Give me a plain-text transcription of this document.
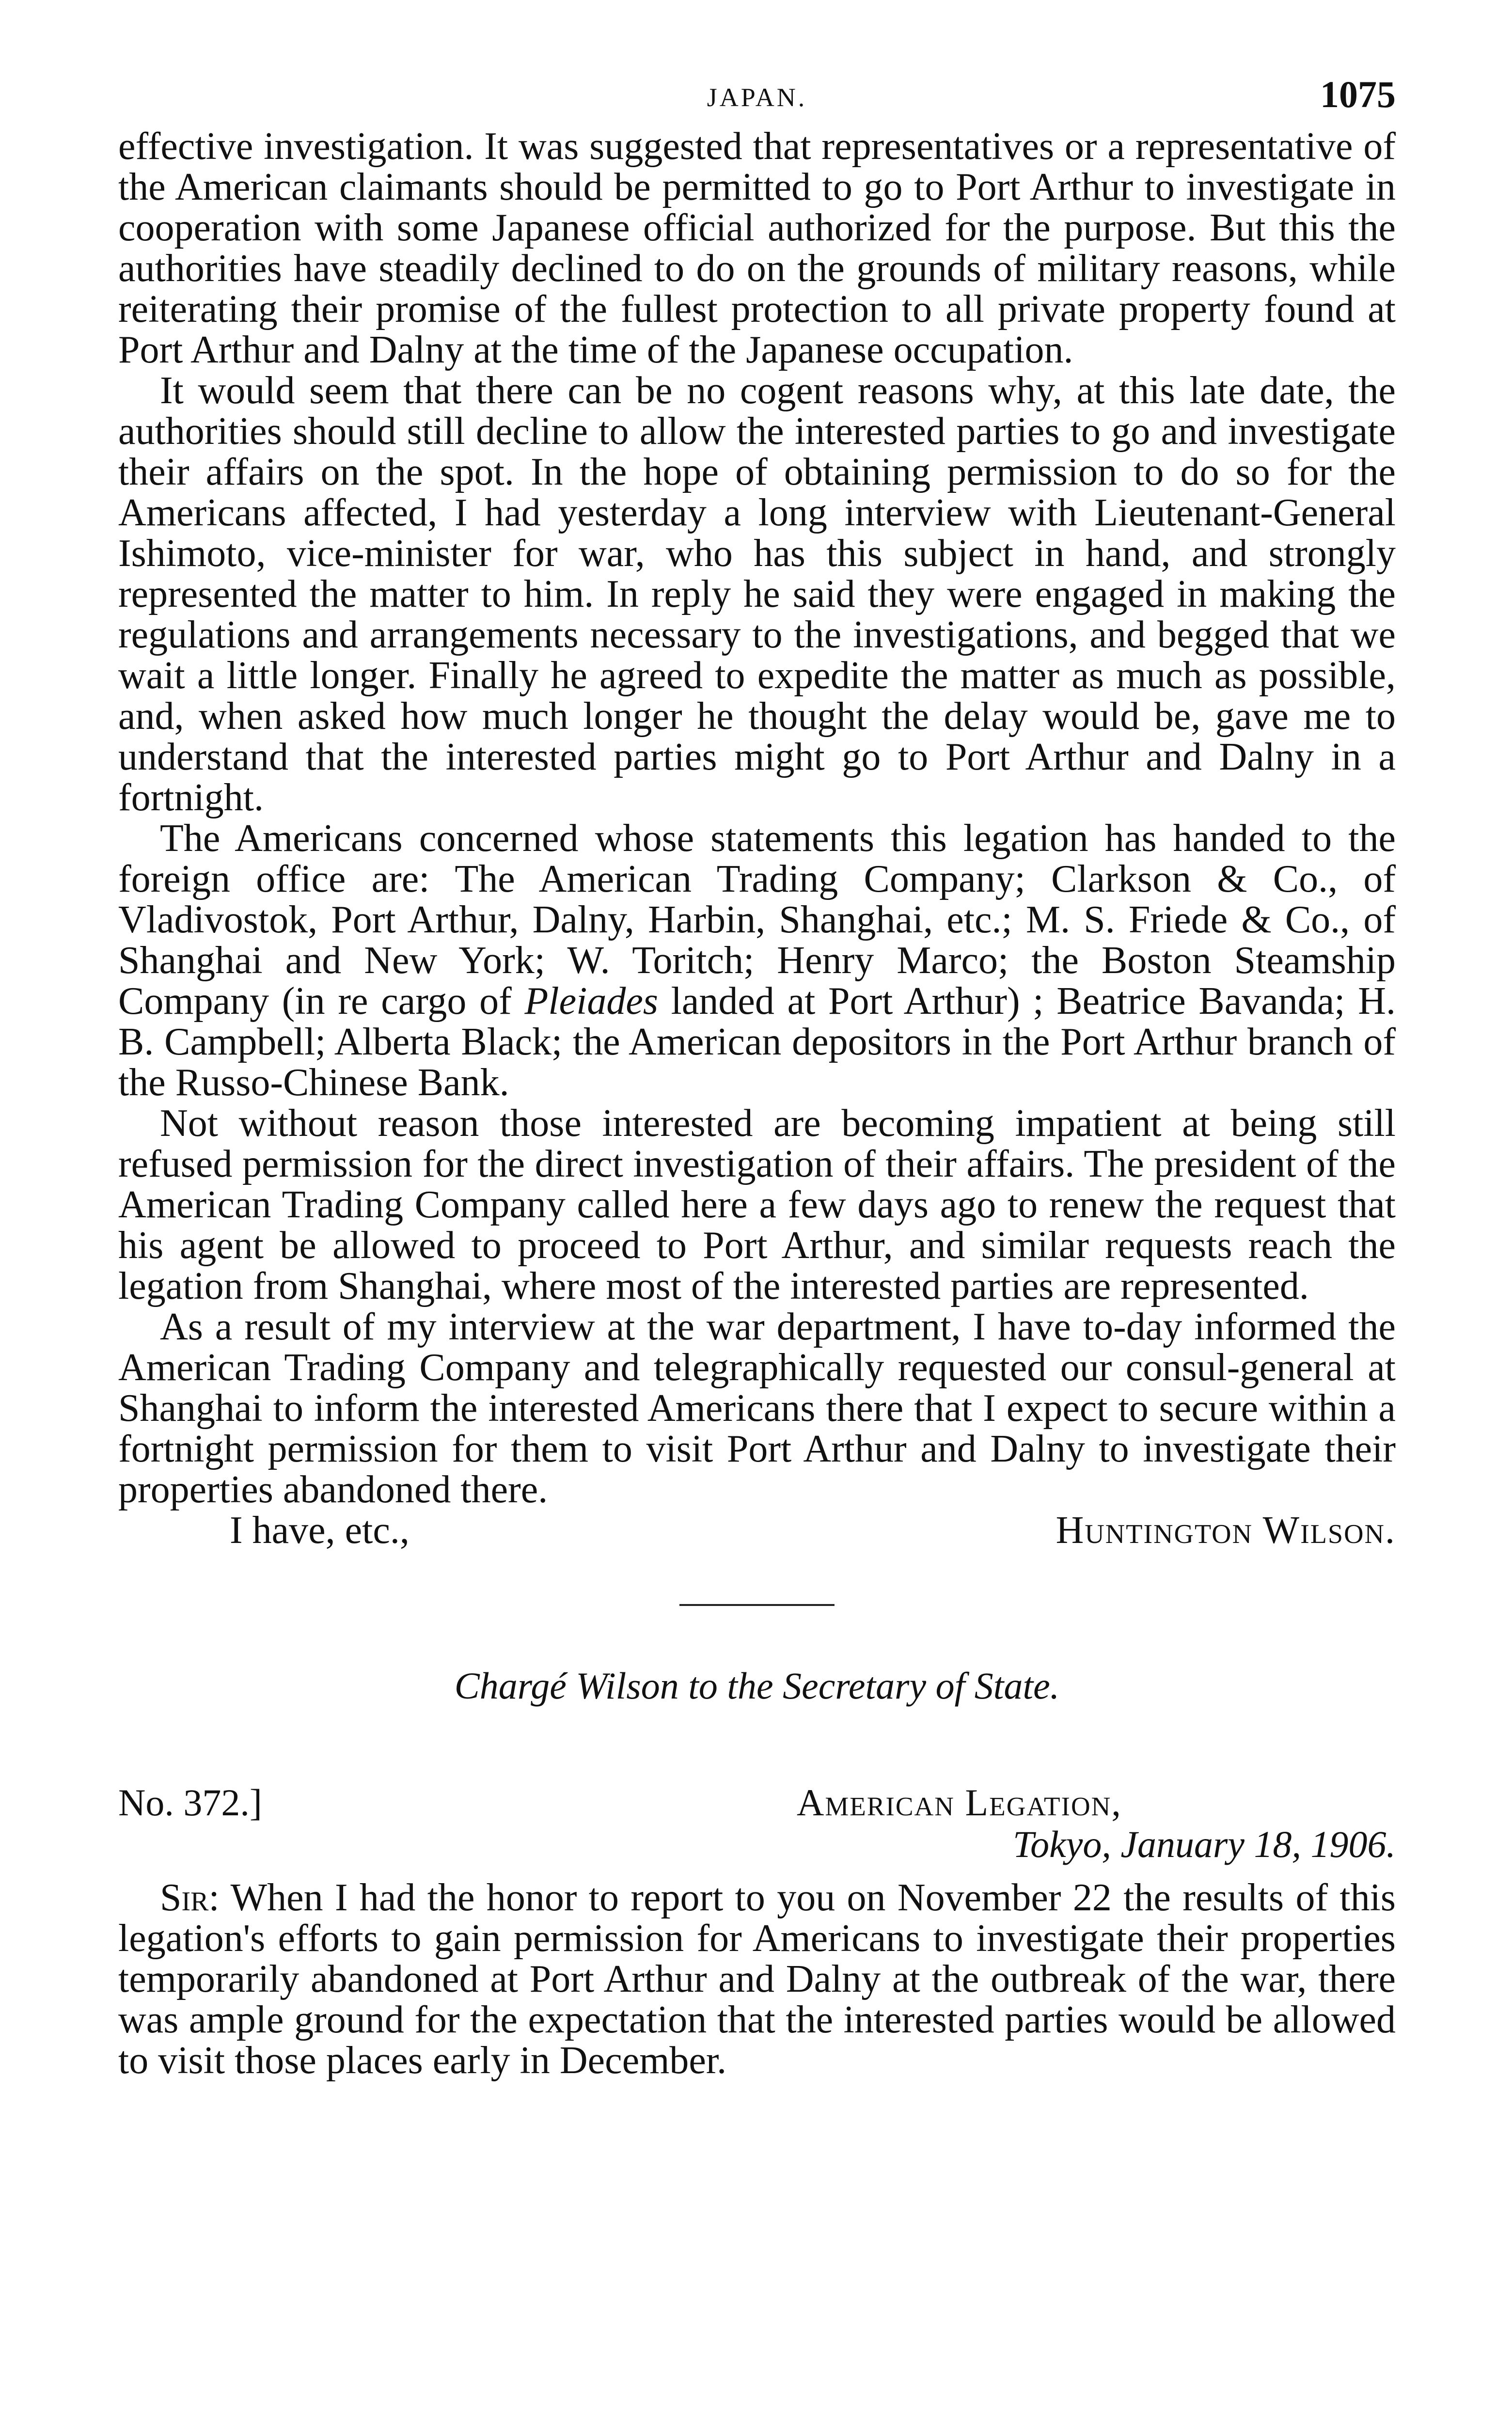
JAPAN.	1075

effective investigation. It was suggested that representatives or a representative of the American claimants should be permitted to go to Port Arthur to investigate in cooperation with some Japanese official authorized for the purpose. But this the authorities have steadily declined to do on the grounds of military reasons, while reiterating their promise of the fullest protection to all private property found at Port Arthur and Dalny at the time of the Japanese occupation.

It would seem that there can be no cogent reasons why, at this late date, the authorities should still decline to allow the interested parties to go and investigate their affairs on the spot. In the hope of obtaining permission to do so for the Americans affected, I had yesterday a long interview with Lieutenant-General Ishimoto, vice-minister for war, who has this subject in hand, and strongly represented the matter to him. In reply he said they were engaged in making the regulations and arrangements necessary to the investigations, and begged that we wait a little longer. Finally he agreed to expedite the matter as much as possible, and, when asked how much longer he thought the delay would be, gave me to understand that the interested parties might go to Port Arthur and Dalny in a fortnight.

The Americans concerned whose statements this legation has handed to the foreign office are: The American Trading Company; Clarkson & Co., of Vladivostok, Port Arthur, Dalny, Harbin, Shanghai, etc.; M. S. Friede & Co., of Shanghai and New York; W. Toritch; Henry Marco; the Boston Steamship Company (in re cargo of Pleiades landed at Port Arthur) ; Beatrice Bavanda; H. B. Campbell; Alberta Black; the American depositors in the Port Arthur branch of the Russo-Chinese Bank.

Not without reason those interested are becoming impatient at being still refused permission for the direct investigation of their affairs. The president of the American Trading Company called here a few days ago to renew the request that his agent be allowed to proceed to Port Arthur, and similar requests reach the legation from Shanghai, where most of the interested parties are represented.

As a result of my interview at the war department, I have to-day informed the American Trading Company and telegraphically requested our consul-general at Shanghai to inform the interested Americans there that I expect to secure within a fortnight permission for them to visit Port Arthur and Dalny to investigate their properties abandoned there.

I have, etc.,	Huntington Wilson.
Chargé Wilson to the Secretary of State.
No. 372.]	American Legation,
Tokyo, January 18, 1906.

Sir: When I had the honor to report to you on November 22 the results of this legation's efforts to gain permission for Americans to investigate their properties temporarily abandoned at Port Arthur and Dalny at the outbreak of the war, there was ample ground for the expectation that the interested parties would be allowed to visit those places early in December.
